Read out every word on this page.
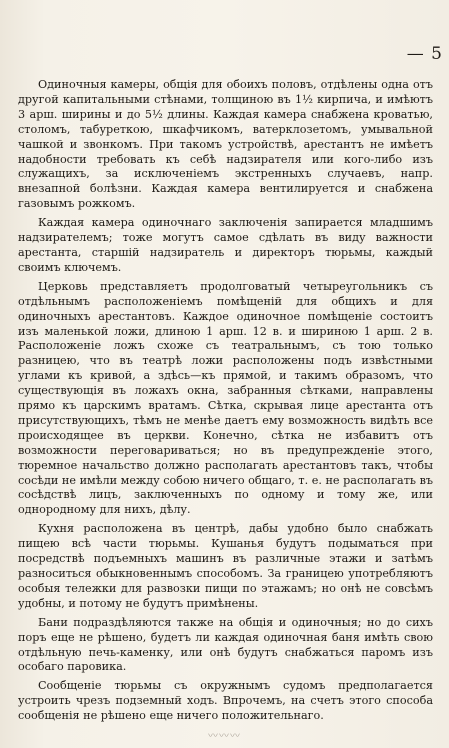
— 5

Одиночныя камеры, общія для обоихъ половъ, отдѣлены одна отъ другой капитальными стѣнами, толщиною въ 1½ кирпича, и имѣютъ 3 арш. ширины и до 5½ длины. Каждая камера снабжена кроватью, столомъ, табуреткою, шкафчикомъ, ватерклозетомъ, умывальной чашкой и звонкомъ. При такомъ устройствѣ, арестантъ не имѣетъ надобности требовать къ себѣ надзирателя или кого-либо изъ служащихъ, за исключеніемъ экстренныхъ случаевъ, напр. внезапной болѣзни. Каждая камера вентилируется и снабжена газовымъ рожкомъ.

Каждая камера одиночнаго заключенія запирается младшимъ надзирателемъ; тоже могутъ самое сдѣлать въ виду важности арестанта, старшій надзиратель и директоръ тюрьмы, каждый своимъ ключемъ.

Церковь представляетъ продолговатый четыреугольникъ съ отдѣльнымъ расположеніемъ помѣщеній для общихъ и для одиночныхъ арестантовъ. Каждое одиночное помѣщеніе состоитъ изъ маленькой ложи, длиною 1 арш. 12 в. и шириною 1 арш. 2 в. Расположеніе ложъ схоже съ театральнымъ, съ тою только разницею, что въ театрѣ ложи расположены подъ извѣстными углами къ кривой, а здѣсь—къ прямой, и такимъ образомъ, что существующія въ ложахъ окна, забранныя сѣтками, направлены прямо къ царскимъ вратамъ. Сѣтка, скрывая лице арестанта отъ присутствующихъ, тѣмъ не менѣе даетъ ему возможность видѣть все происходящее въ церкви. Конечно, сѣтка не избавитъ отъ возможности переговариваться; но въ предупрежденіе этого, тюремное начальство должно располагать арестантовъ такъ, чтобы сосѣди не имѣли между собою ничего общаго, т. е. не располагать въ сосѣдствѣ лицъ, заключенныхъ по одному и тому же, или однородному для нихъ, дѣлу.

Кухня расположена въ центрѣ, дабы удобно было снабжать пищею всѣ части тюрьмы. Кушанья будутъ подыматься при посредствѣ подъемныхъ машинъ въ различные этажи и затѣмъ разноситься обыкновеннымъ способомъ. За границею употребляютъ особыя тележки для развозки пищи по этажамъ; но онѣ не совсѣмъ удобны, и потому не будутъ примѣнены.

Бани подраздѣляются также на общія и одиночныя; но до сихъ поръ еще не рѣшено, будетъ ли каждая одиночная баня имѣть свою отдѣльную печь-каменку, или онѣ будутъ снабжаться паромъ изъ особаго паровика.

Сообщеніе тюрьмы съ окружнымъ судомъ предполагается устроить чрезъ подземный ходъ. Впрочемъ, на счетъ этого способа сообщенія не рѣшено еще ничего положительнаго.

〰〰〰
